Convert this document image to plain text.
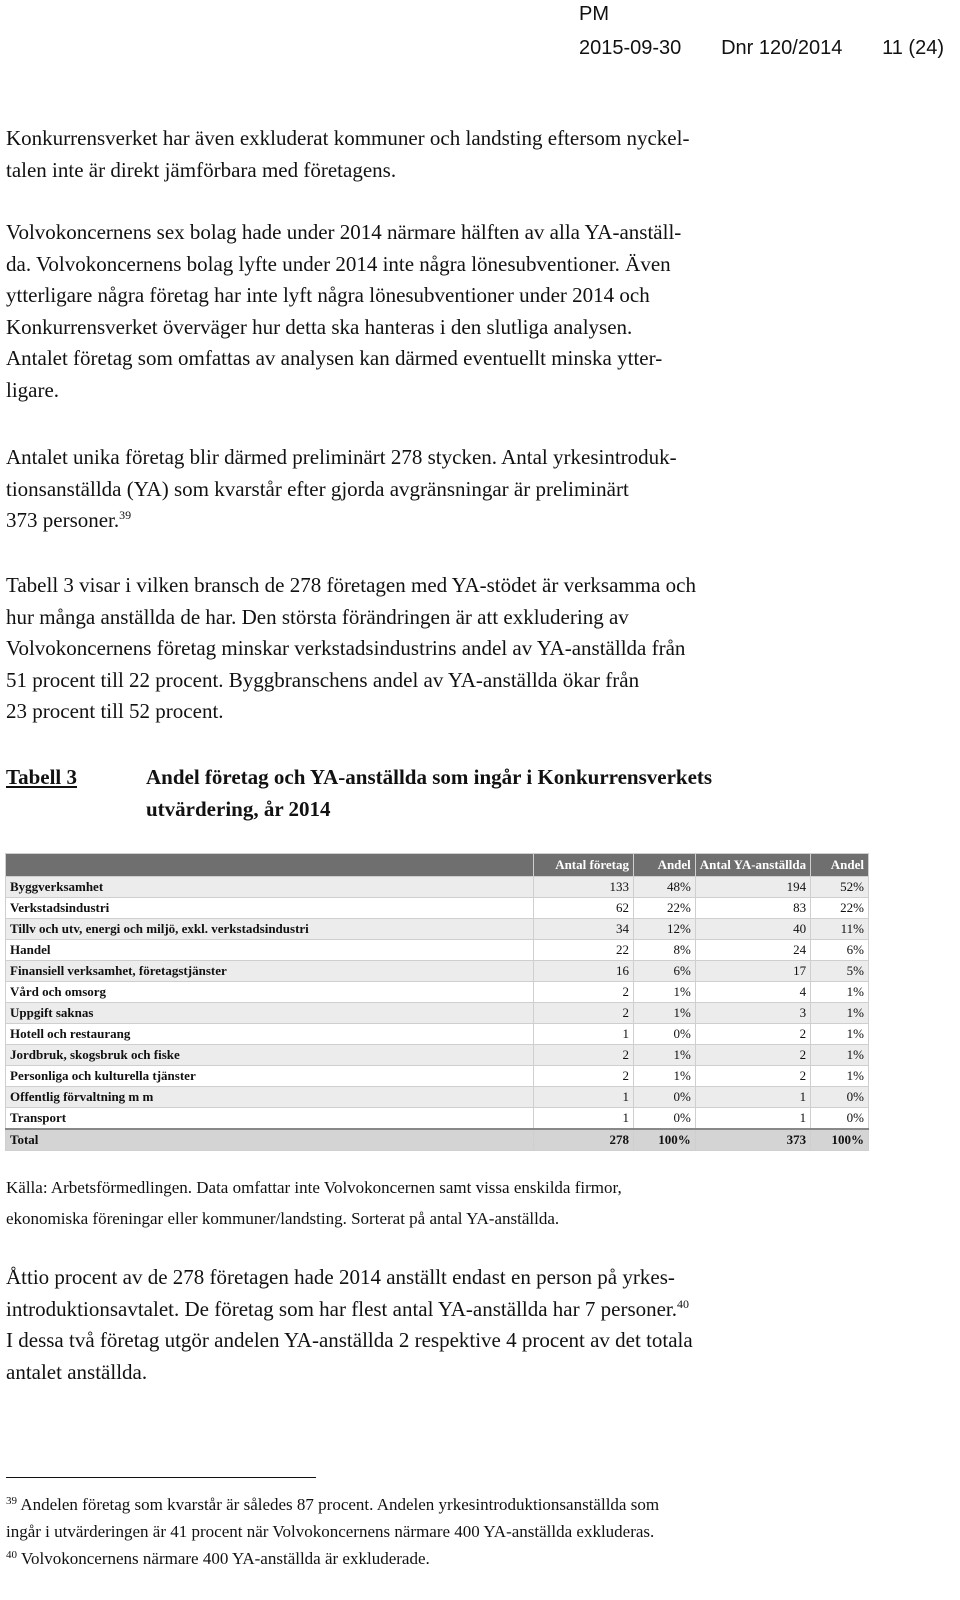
PM
2015-09-30 Dnr 120/2014 11 (24)

Konkurrensverket har även exkluderat kommuner och landsting eftersom nyckel-
talen inte är direkt jämförbara med företagens.

Volvokoncernens sex bolag hade under 2014 närmare hälften av alla YA-anställ-
da. Volvokoncernens bolag lyfte under 2014 inte några lönesubventioner. Även
ytterligare några företag har inte lyft några lönesubventioner under 2014 och
Konkurrensverket överväger hur detta ska hanteras i den slutliga analysen.
Antalet företag som omfattas av analysen kan därmed eventuellt minska ytter-
ligare.

Antalet unika företag blir därmed preliminärt 278 stycken. Antal yrkesintroduk-
tionsanställda (YA) som kvarstår efter gjorda avgränsningar är preliminärt
373 personer.$^{39}$

Tabell 3 visar i vilken bransch de 278 företagen med YA-stödet är verksamma och
hur många anställda de har. Den största förändringen är att exkludering av
Volvokoncernens företag minskar verkstadsindustrins andel av YA-anställda från
51 procent till 22 procent. Byggbranschens andel av YA-anställda ökar från
23 procent till 52 procent.

Tabell 3	Andel företag och YA-anställda som ingår i Konkurrensverkets
utvärdering, år 2014
	Antal företag	Andel	Antal YA-anställda	Andel
Byggverksamhet	133	48%	194	52%
Verkstadsindustri	62	22%	83	22%
Tillv och utv, energi och miljö, exkl. verkstadsindustri	34	12%	40	11%
Handel	22	8%	24	6%
Finansiell verksamhet, företagstjänster	16	6%	17	5%
Vård och omsorg	2	1%	4	1%
Uppgift saknas	2	1%	3	1%
Hotell och restaurang	1	0%	2	1%
Jordbruk, skogsbruk och fiske	2	1%	2	1%
Personliga och kulturella tjänster	2	1%	2	1%
Offentlig förvaltning m m	1	0%	1	0%
Transport	1	0%	1	0%
Total	278	100%	373	100%

Källa: Arbetsförmedlingen. Data omfattar inte Volvokoncernen samt vissa enskilda firmor,
ekonomiska föreningar eller kommuner/landsting. Sorterat på antal YA-anställda.

Åttio procent av de 278 företagen hade 2014 anställt endast en person på yrkes-
introduktionsavtalet. De företag som har flest antal YA-anställda har 7 personer.$^{40}$
I dessa två företag utgör andelen YA-anställda 2 respektive 4 procent av det totala
antalet anställda.

$^{39}$ Andelen företag som kvarstår är således 87 procent. Andelen yrkesintroduktionsanställda som
ingår i utvärderingen är 41 procent när Volvokoncernens närmare 400 YA-anställda exkluderas.

$^{40}$ Volvokoncernens närmare 400 YA-anställda är exkluderade.
